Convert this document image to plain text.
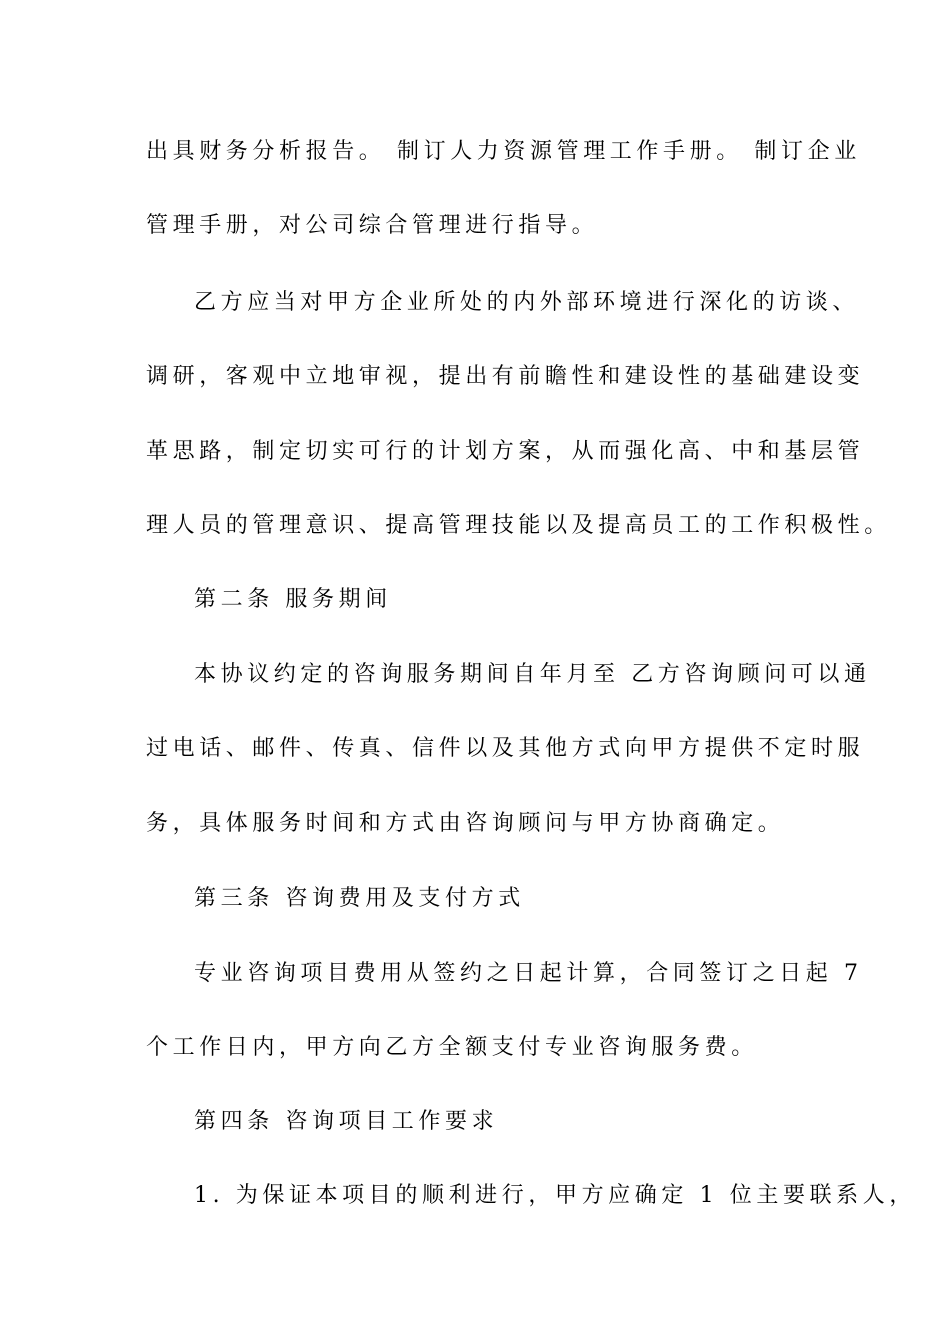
出具财务分析报告。 制订人力资源管理工作手册。 制订企业
管理手册，对公司综合管理进行指导。
乙方应当对甲方企业所处的内外部环境进行深化的访谈、
调研，客观中立地审视，提出有前瞻性和建设性的基础建设变
革思路，制定切实可行的计划方案，从而强化高、中和基层管
理人员的管理意识、提高管理技能以及提高员工的工作积极性。
第二条 服务期间
本协议约定的咨询服务期间自年月至 乙方咨询顾问可以通
过电话、邮件、传真、信件以及其他方式向甲方提供不定时服
务，具体服务时间和方式由咨询顾问与甲方协商确定。
第三条 咨询费用及支付方式
专业咨询项目费用从签约之日起计算，合同签订之日起 7
个工作日内，甲方向乙方全额支付专业咨询服务费。
第四条 咨询项目工作要求
1. 为保证本项目的顺利进行，甲方应确定 1 位主要联系人，
